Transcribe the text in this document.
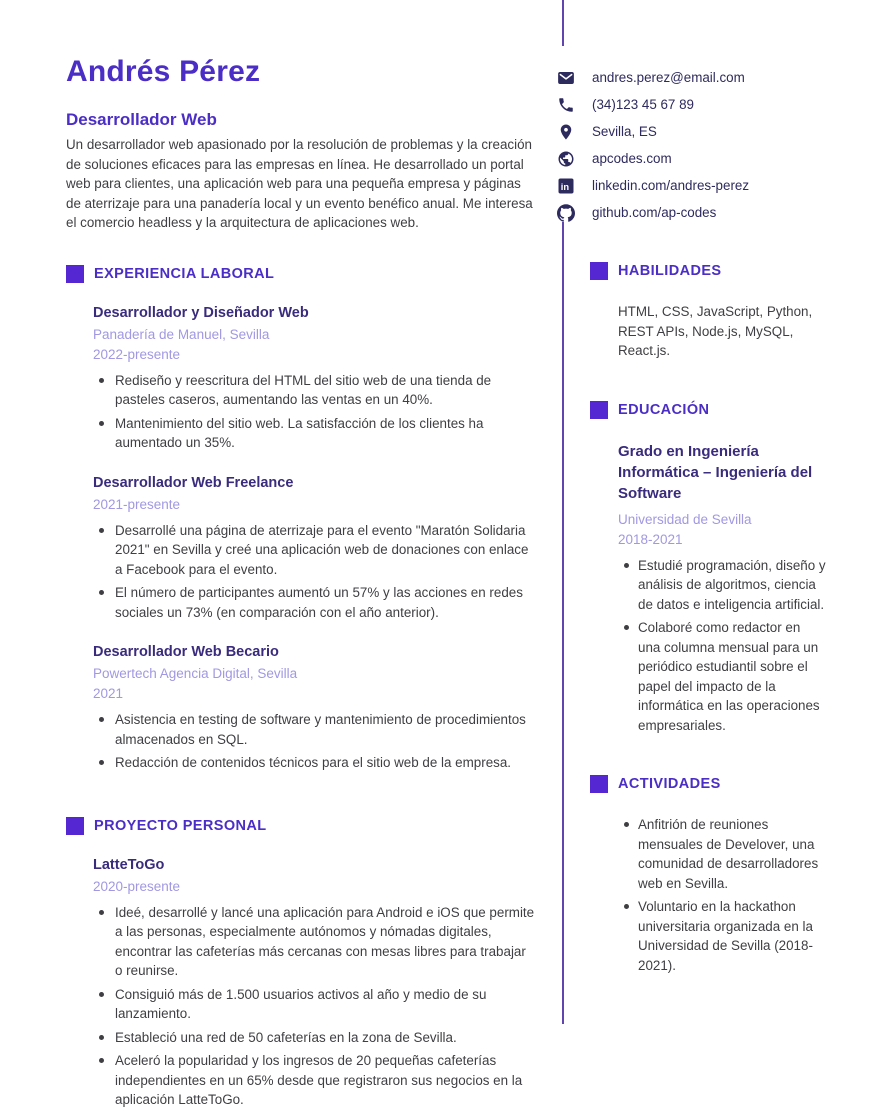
Andrés Pérez
Desarrollador Web

Un desarrollador web apasionado por la resolución de problemas y la creación de soluciones eficaces para las empresas en línea. He desarrollado un portal web para clientes, una aplicación web para una pequeña empresa y páginas de aterrizaje para una panadería local y un evento benéfico anual. Me interesa el comercio headless y la arquitectura de aplicaciones web.

EXPERIENCIA LABORAL
Desarrollador y Diseñador Web
Panadería de Manuel, Sevilla
2022-presente
Rediseño y reescritura del HTML del sitio web de una tienda de pasteles caseros, aumentando las ventas en un 40%.
Mantenimiento del sitio web. La satisfacción de los clientes ha aumentado un 35%.
Desarrollador Web Freelance
2021-presente
Desarrollé una página de aterrizaje para el evento "Maratón Solidaria 2021" en Sevilla y creé una aplicación web de donaciones con enlace a Facebook para el evento.
El número de participantes aumentó un 57% y las acciones en redes sociales un 73% (en comparación con el año anterior).
Desarrollador Web Becario
Powertech Agencia Digital, Sevilla
2021
Asistencia en testing de software y mantenimiento de procedimientos almacenados en SQL.
Redacción de contenidos técnicos para el sitio web de la empresa.
PROYECTO PERSONAL
LatteToGo
2020-presente
Ideé, desarrollé y lancé una aplicación para Android e iOS que permite a las personas, especialmente autónomos y nómadas digitales, encontrar las cafeterías más cercanas con mesas libres para trabajar o reunirse.
Consiguió más de 1.500 usuarios activos al año y medio de su lanzamiento.
Estableció una red de 50 cafeterías en la zona de Sevilla.
Aceleró la popularidad y los ingresos de 20 pequeñas cafeterías independientes en un 65% desde que registraron sus negocios en la aplicación LatteToGo.
andres.perez@email.com
(34)123 45 67 89
Sevilla, ES
apcodes.com
in linkedin.com/andres-perez
github.com/ap-codes
HABILIDADES

HTML, CSS, JavaScript, Python, REST APIs, Node.js, MySQL, React.js.

EDUCACIÓN
Grado en Ingeniería Informática – Ingeniería del Software
Universidad de Sevilla
2018-2021
Estudié programación, diseño y análisis de algoritmos, ciencia de datos e inteligencia artificial.
Colaboré como redactor en una columna mensual para un periódico estudiantil sobre el papel del impacto de la informática en las operaciones empresariales.
ACTIVIDADES
Anfitrión de reuniones mensuales de Develover, una comunidad de desarrolladores web en Sevilla.
Voluntario en la hackathon universitaria organizada en la Universidad de Sevilla (2018-2021).
